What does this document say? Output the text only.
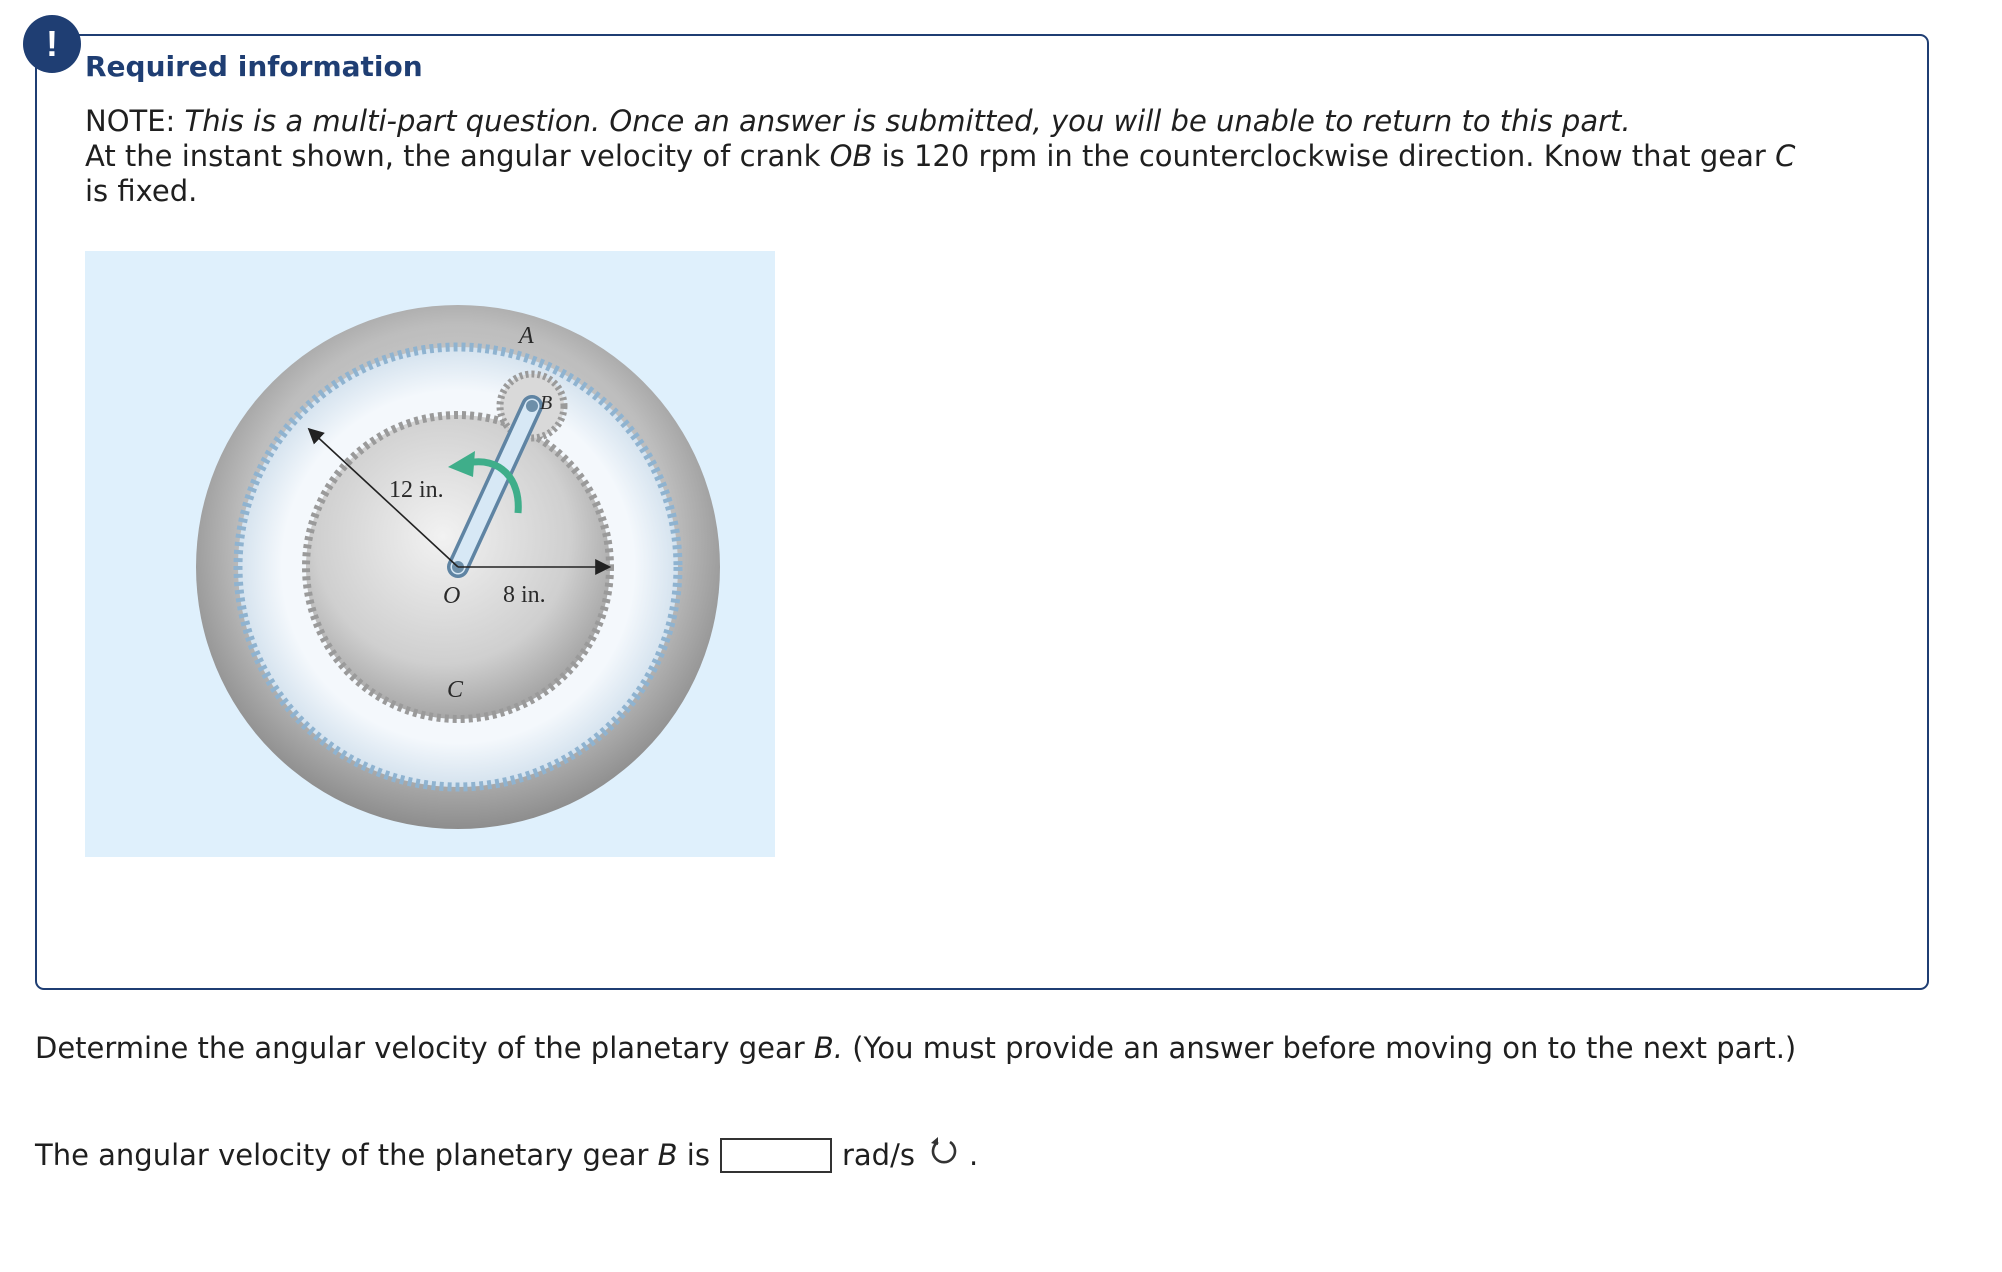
!
Required information

NOTE: This is a multi-part question. Once an answer is submitted, you will be unable to return to this part.
At the instant shown, the angular velocity of crank OB is 120 rpm in the counterclockwise direction. Know that gear C is fixed.

A
B
C
O
12 in.
8 in.

Determine the angular velocity of the planetary gear B. (You must provide an answer before moving on to the next part.)

The angular velocity of the planetary gear
B
is	rad/s .
